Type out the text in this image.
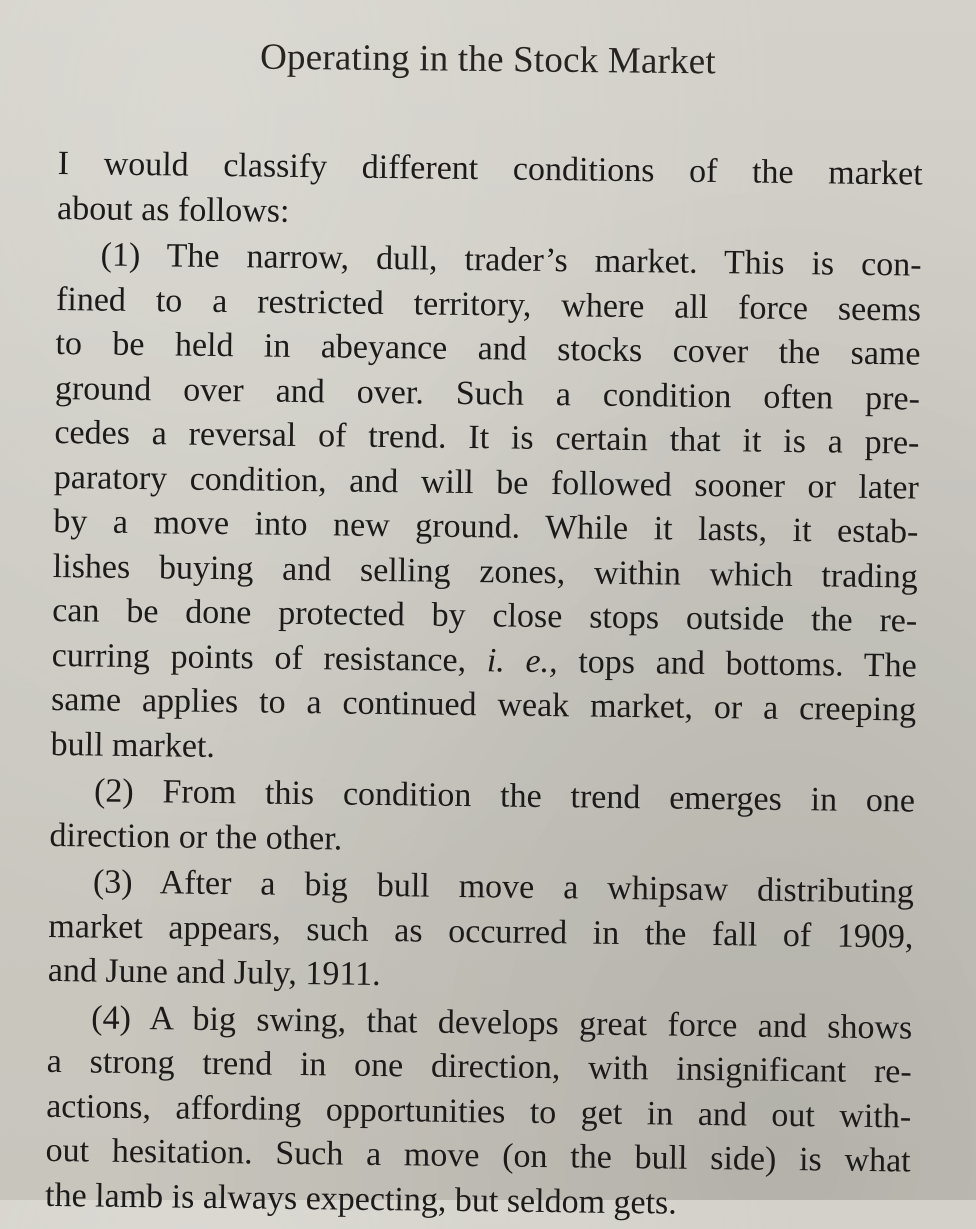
Operating in the Stock Market
I would classify different conditions of the market
about as follows:
(1) The narrow, dull, trader’s market. This is con-
fined to a restricted territory, where all force seems
to be held in abeyance and stocks cover the same
ground over and over. Such a condition often pre-
cedes a reversal of trend. It is certain that it is a pre-
paratory condition, and will be followed sooner or later
by a move into new ground. While it lasts, it estab-
lishes buying and selling zones, within which trading
can be done protected by close stops outside the re-
curring points of resistance, i. e., tops and bottoms. The
same applies to a continued weak market, or a creeping
bull market.
(2) From this condition the trend emerges in one
direction or the other.
(3) After a big bull move a whipsaw distributing
market appears, such as occurred in the fall of 1909,
and June and July, 1911.
(4) A big swing, that develops great force and shows
a strong trend in one direction, with insignificant re-
actions, affording opportunities to get in and out with-
out hesitation. Such a move (on the bull side) is what
the lamb is always expecting, but seldom gets.
